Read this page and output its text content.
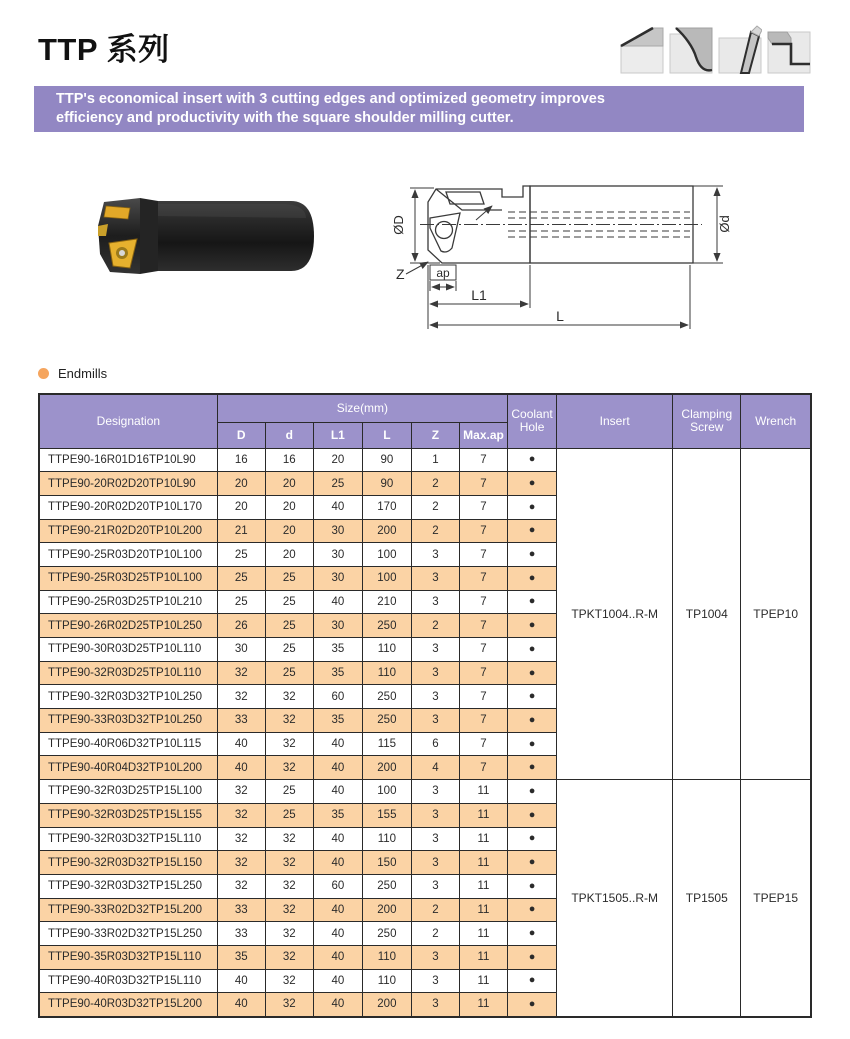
TTP 系列
TTP's economical insert with 3 cutting edges and optimized geometry improves
efficiency and productivity with the square shoulder milling cutter.
ØD	Ød
Z	ap
L1
L
Endmills
Designation	Size(mm)						Coolant Hole	Insert	Clamping Screw	Wrench
	D	d	L1	L	Z	Max.ap				
TTPE90-16R01D16TP10L90	16	16	20	90	1	7	●	TPKT1004..R-M	TP1004	TPEP10
TTPE90-20R02D20TP10L90	20	20	25	90	2	7	●			
TTPE90-20R02D20TP10L170	20	20	40	170	2	7	●			
TTPE90-21R02D20TP10L200	21	20	30	200	2	7	●			
TTPE90-25R03D20TP10L100	25	20	30	100	3	7	●			
TTPE90-25R03D25TP10L100	25	25	30	100	3	7	●			
TTPE90-25R03D25TP10L210	25	25	40	210	3	7	●			
TTPE90-26R02D25TP10L250	26	25	30	250	2	7	●			
TTPE90-30R03D25TP10L110	30	25	35	110	3	7	●			
TTPE90-32R03D25TP10L110	32	25	35	110	3	7	●			
TTPE90-32R03D32TP10L250	32	32	60	250	3	7	●			
TTPE90-33R03D32TP10L250	33	32	35	250	3	7	●			
TTPE90-40R06D32TP10L115	40	32	40	115	6	7	●			
TTPE90-40R04D32TP10L200	40	32	40	200	4	7	●			
TTPE90-32R03D25TP15L100	32	25	40	100	3	11	●	TPKT1505..R-M	TP1505	TPEP15
TTPE90-32R03D25TP15L155	32	25	35	155	3	11	●			
TTPE90-32R03D32TP15L110	32	32	40	110	3	11	●			
TTPE90-32R03D32TP15L150	32	32	40	150	3	11	●			
TTPE90-32R03D32TP15L250	32	32	60	250	3	11	●			
TTPE90-33R02D32TP15L200	33	32	40	200	2	11	●			
TTPE90-33R02D32TP15L250	33	32	40	250	2	11	●			
TTPE90-35R03D32TP15L110	35	32	40	110	3	11	●			
TTPE90-40R03D32TP15L110	40	32	40	110	3	11	●			
TTPE90-40R03D32TP15L200	40	32	40	200	3	11	●			
